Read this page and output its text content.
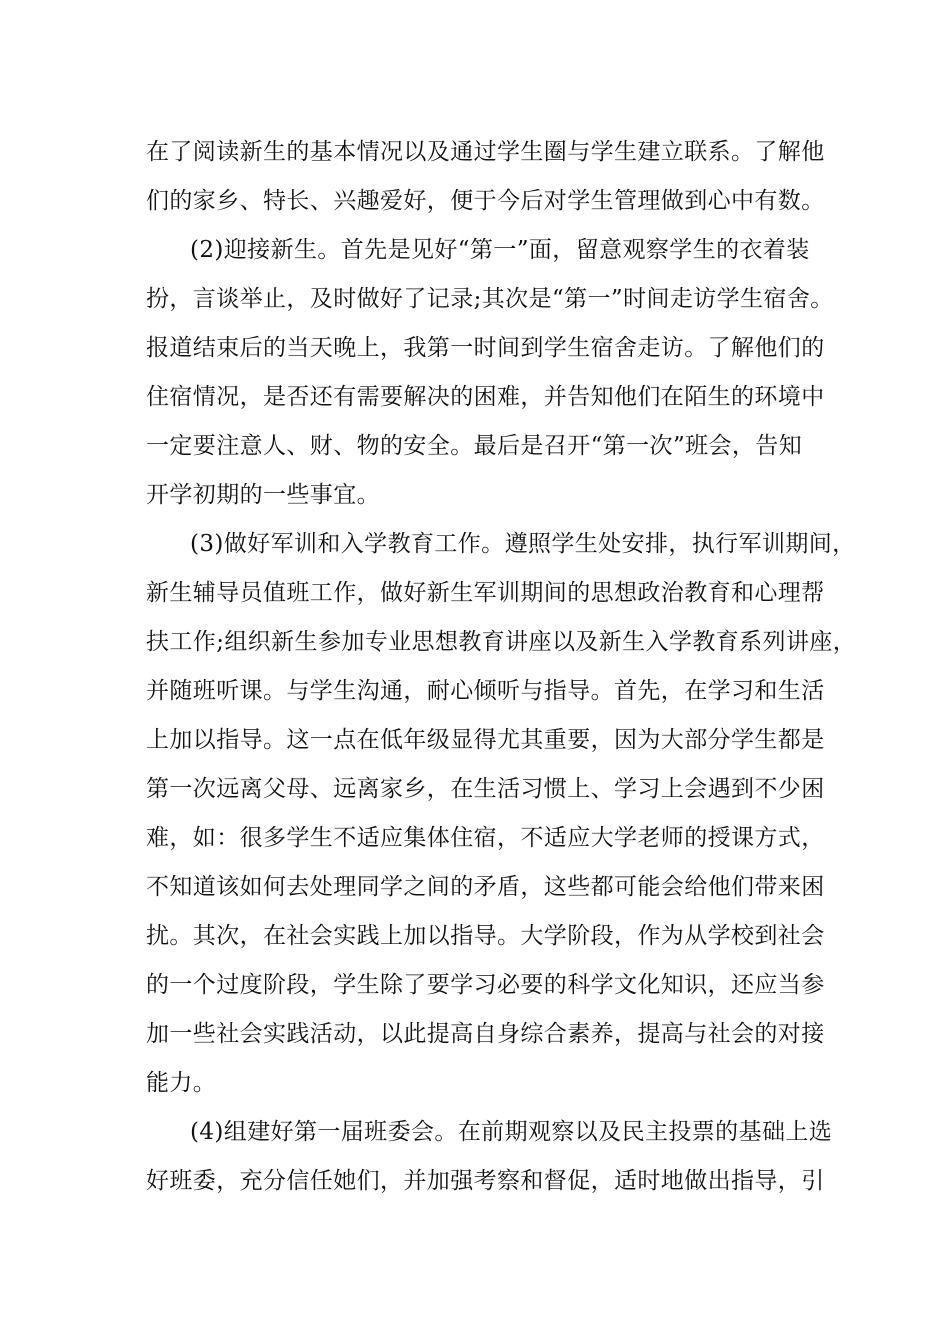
在了阅读新生的基本情况以及通过学生圈与学生建立联系。了解他
们的家乡、特长、兴趣爱好，便于今后对学生管理做到心中有数。
(2)迎接新生。首先是见好“第一”面，留意观察学生的衣着装
扮，言谈举止，及时做好了记录;其次是“第一”时间走访学生宿舍。
报道结束后的当天晚上，我第一时间到学生宿舍走访。了解他们的
住宿情况，是否还有需要解决的困难，并告知他们在陌生的环境中
一定要注意人、财、物的安全。最后是召开“第一次”班会，告知
开学初期的一些事宜。
(3)做好军训和入学教育工作。遵照学生处安排，执行军训期间，
新生辅导员值班工作，做好新生军训期间的思想政治教育和心理帮
扶工作;组织新生参加专业思想教育讲座以及新生入学教育系列讲座，
并随班听课。与学生沟通，耐心倾听与指导。首先，在学习和生活
上加以指导。这一点在低年级显得尤其重要，因为大部分学生都是
第一次远离父母、远离家乡，在生活习惯上、学习上会遇到不少困
难，如：很多学生不适应集体住宿，不适应大学老师的授课方式，
不知道该如何去处理同学之间的矛盾，这些都可能会给他们带来困
扰。其次，在社会实践上加以指导。大学阶段，作为从学校到社会
的一个过度阶段，学生除了要学习必要的科学文化知识，还应当参
加一些社会实践活动，以此提高自身综合素养，提高与社会的对接
能力。
(4)组建好第一届班委会。在前期观察以及民主投票的基础上选
好班委，充分信任她们，并加强考察和督促，适时地做出指导，引
